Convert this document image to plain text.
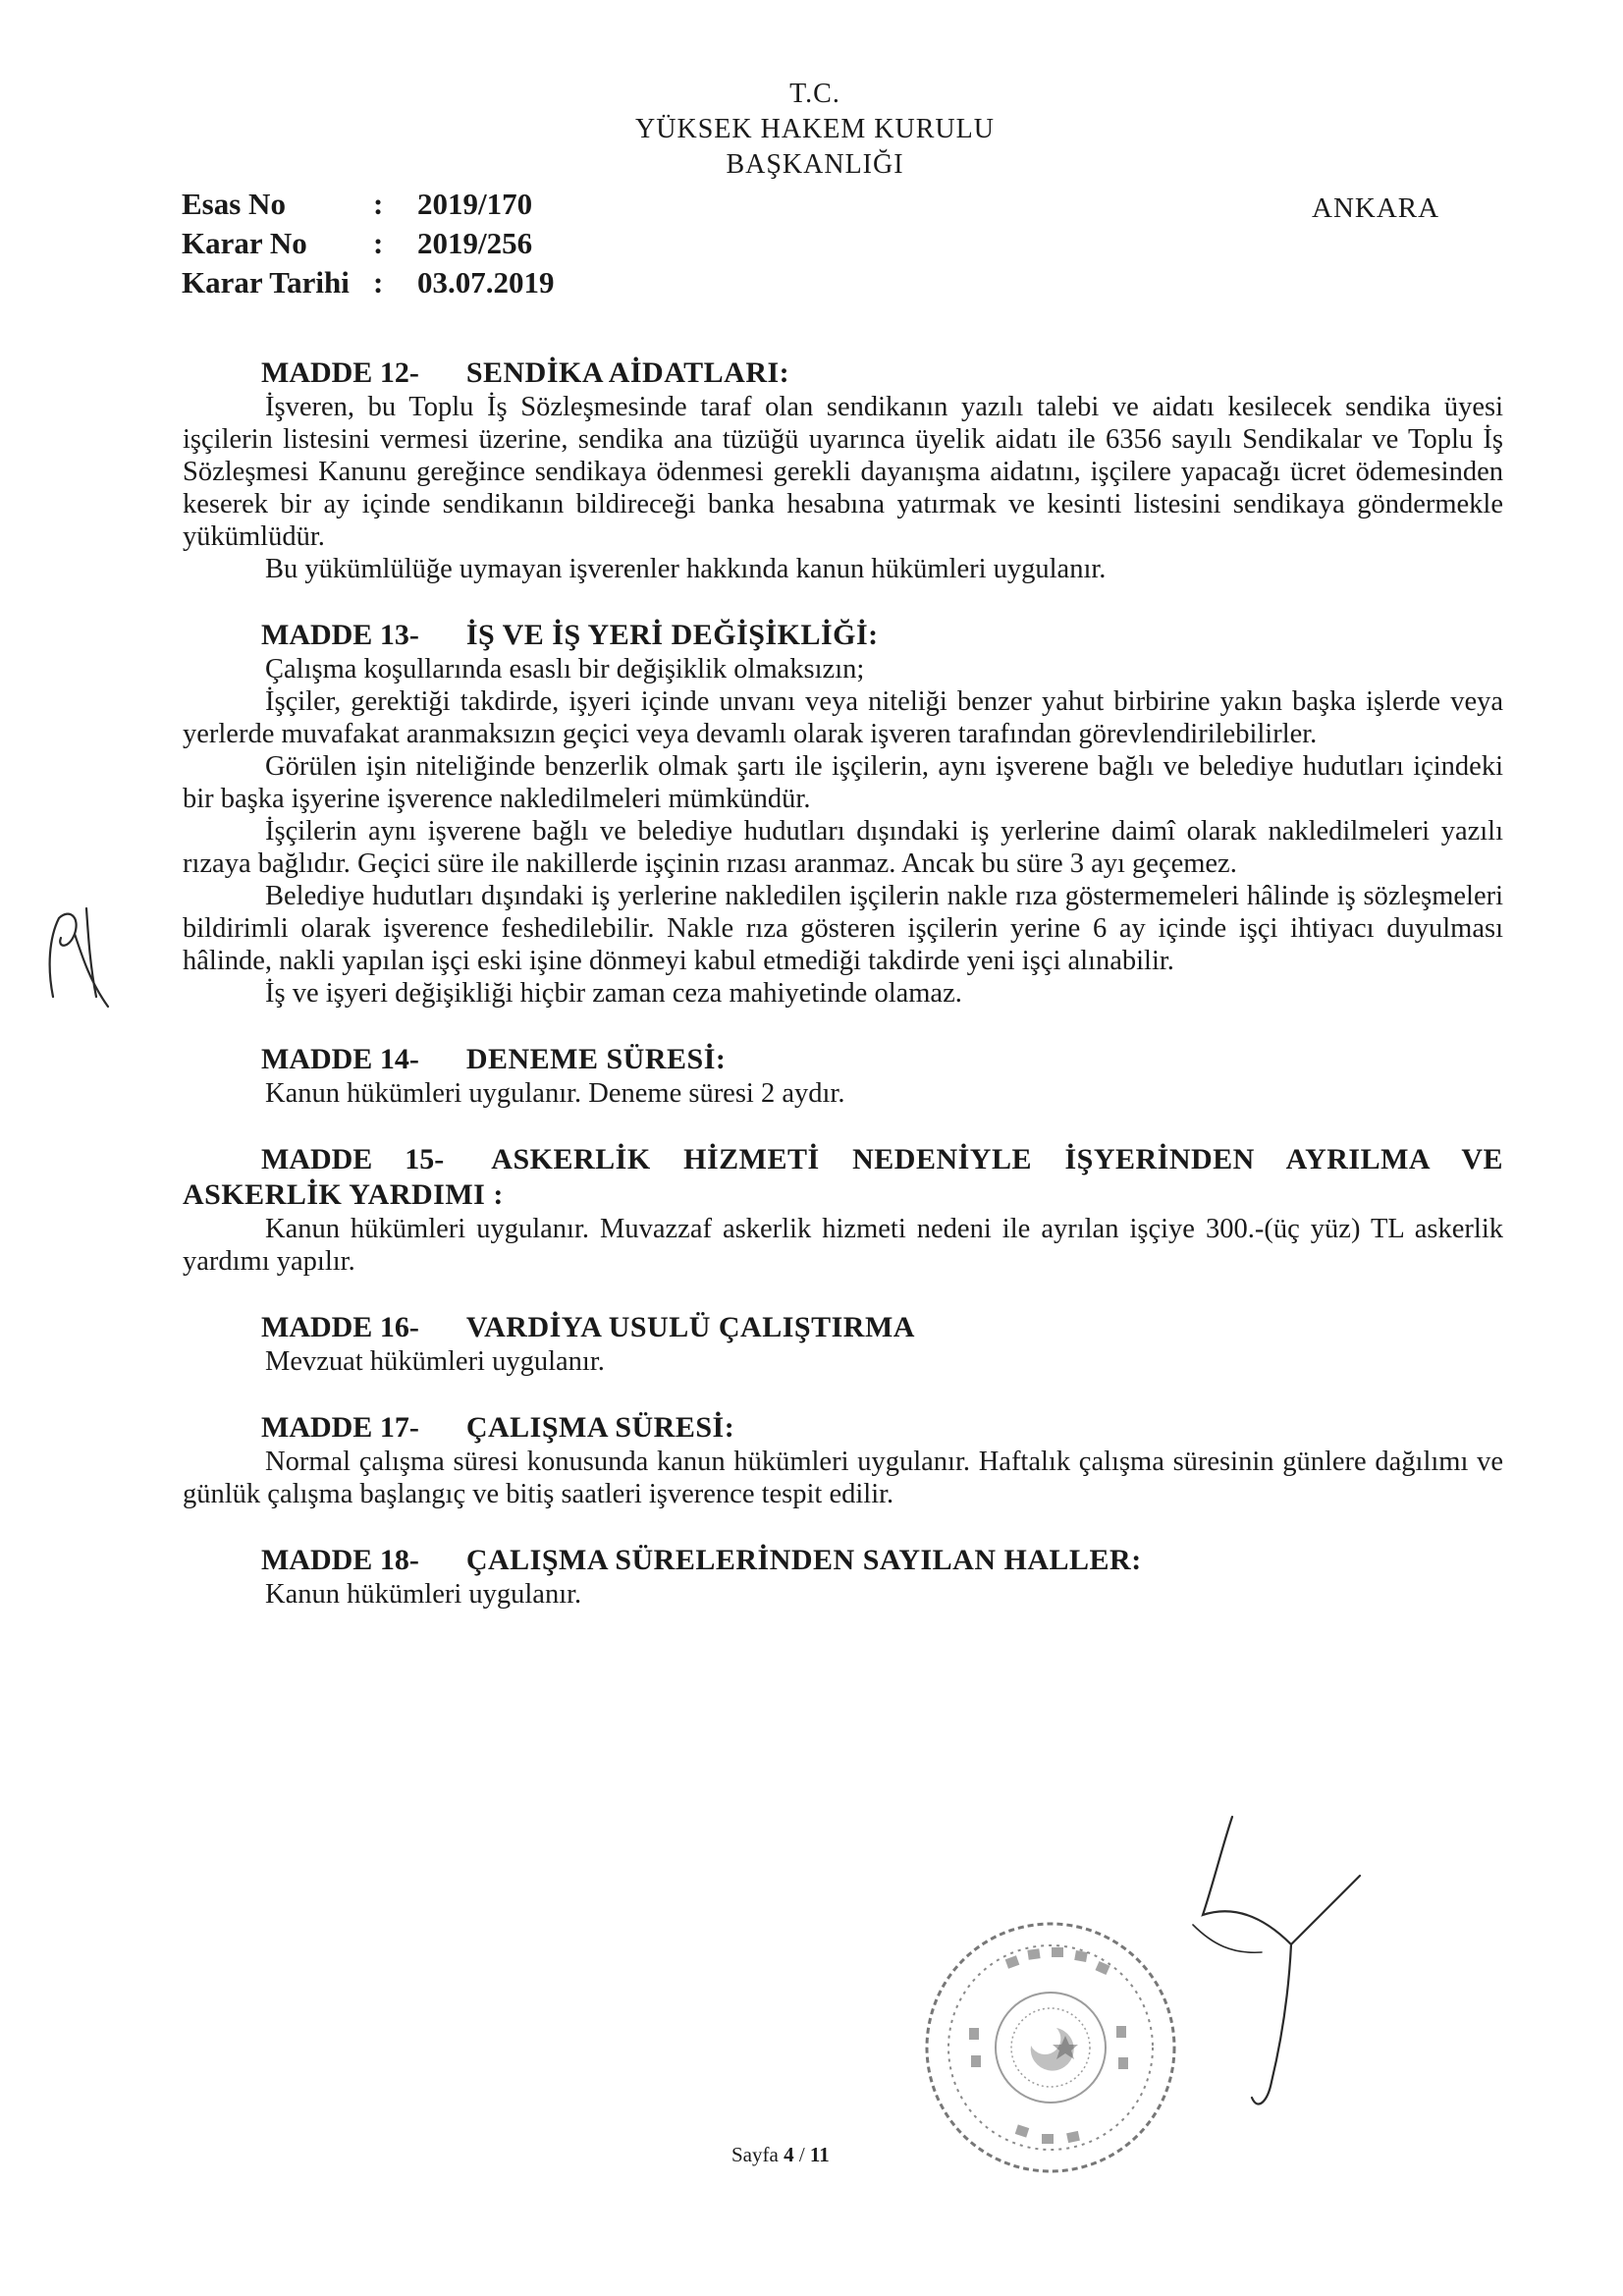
T.C.
YÜKSEK HAKEM KURULU
BAŞKANLIĞI
Esas No	:	2019/170
Karar No	:	2019/256
Karar Tarihi :	03.07.2019
ANKARA
MADDE 12- SENDİKA AİDATLARI:

İşveren, bu Toplu İş Sözleşmesinde taraf olan sendikanın yazılı talebi ve aidatı kesilecek sendika üyesi işçilerin listesini vermesi üzerine, sendika ana tüzüğü uyarınca üyelik aidatı ile 6356 sayılı Sendikalar ve Toplu İş Sözleşmesi Kanunu gereğince sendikaya ödenmesi gerekli dayanışma aidatını, işçilere yapacağı ücret ödemesinden keserek bir ay içinde sendikanın bildireceği banka hesabına yatırmak ve kesinti listesini sendikaya göndermekle yükümlüdür.

Bu yükümlülüğe uymayan işverenler hakkında kanun hükümleri uygulanır.

MADDE 13- İŞ VE İŞ YERİ DEĞİŞİKLİĞİ:

Çalışma koşullarında esaslı bir değişiklik olmaksızın;

İşçiler, gerektiği takdirde, işyeri içinde unvanı veya niteliği benzer yahut birbirine yakın başka işlerde veya yerlerde muvafakat aranmaksızın geçici veya devamlı olarak işveren tarafından görevlendirilebilirler.

Görülen işin niteliğinde benzerlik olmak şartı ile işçilerin, aynı işverene bağlı ve belediye hudutları içindeki bir başka işyerine işverence nakledilmeleri mümkündür.

İşçilerin aynı işverene bağlı ve belediye hudutları dışındaki iş yerlerine daimî olarak nakledilmeleri yazılı rızaya bağlıdır. Geçici süre ile nakillerde işçinin rızası aranmaz. Ancak bu süre 3 ayı geçemez.

Belediye hudutları dışındaki iş yerlerine nakledilen işçilerin nakle rıza göstermemeleri hâlinde iş sözleşmeleri bildirimli olarak işverence feshedilebilir. Nakle rıza gösteren işçilerin yerine 6 ay içinde işçi ihtiyacı duyulması hâlinde, nakli yapılan işçi eski işine dönmeyi kabul etmediği takdirde yeni işçi alınabilir.

İş ve işyeri değişikliği hiçbir zaman ceza mahiyetinde olamaz.

MADDE 14- DENEME SÜRESİ:

Kanun hükümleri uygulanır. Deneme süresi 2 aydır.

MADDE 15- ASKERLİK HİZMETİ NEDENİYLE İŞYERİNDEN AYRILMA VE ASKERLİK YARDIMI :

Kanun hükümleri uygulanır. Muvazzaf askerlik hizmeti nedeni ile ayrılan işçiye 300.-(üç yüz) TL askerlik yardımı yapılır.

MADDE 16- VARDİYA USULÜ ÇALIŞTIRMA

Mevzuat hükümleri uygulanır.

MADDE 17- ÇALIŞMA SÜRESİ:

Normal çalışma süresi konusunda kanun hükümleri uygulanır. Haftalık çalışma süresinin günlere dağılımı ve günlük çalışma başlangıç ve bitiş saatleri işverence tespit edilir.

MADDE 18- ÇALIŞMA SÜRELERİNDEN SAYILAN HALLER:

Kanun hükümleri uygulanır.

Sayfa 4 / 11
